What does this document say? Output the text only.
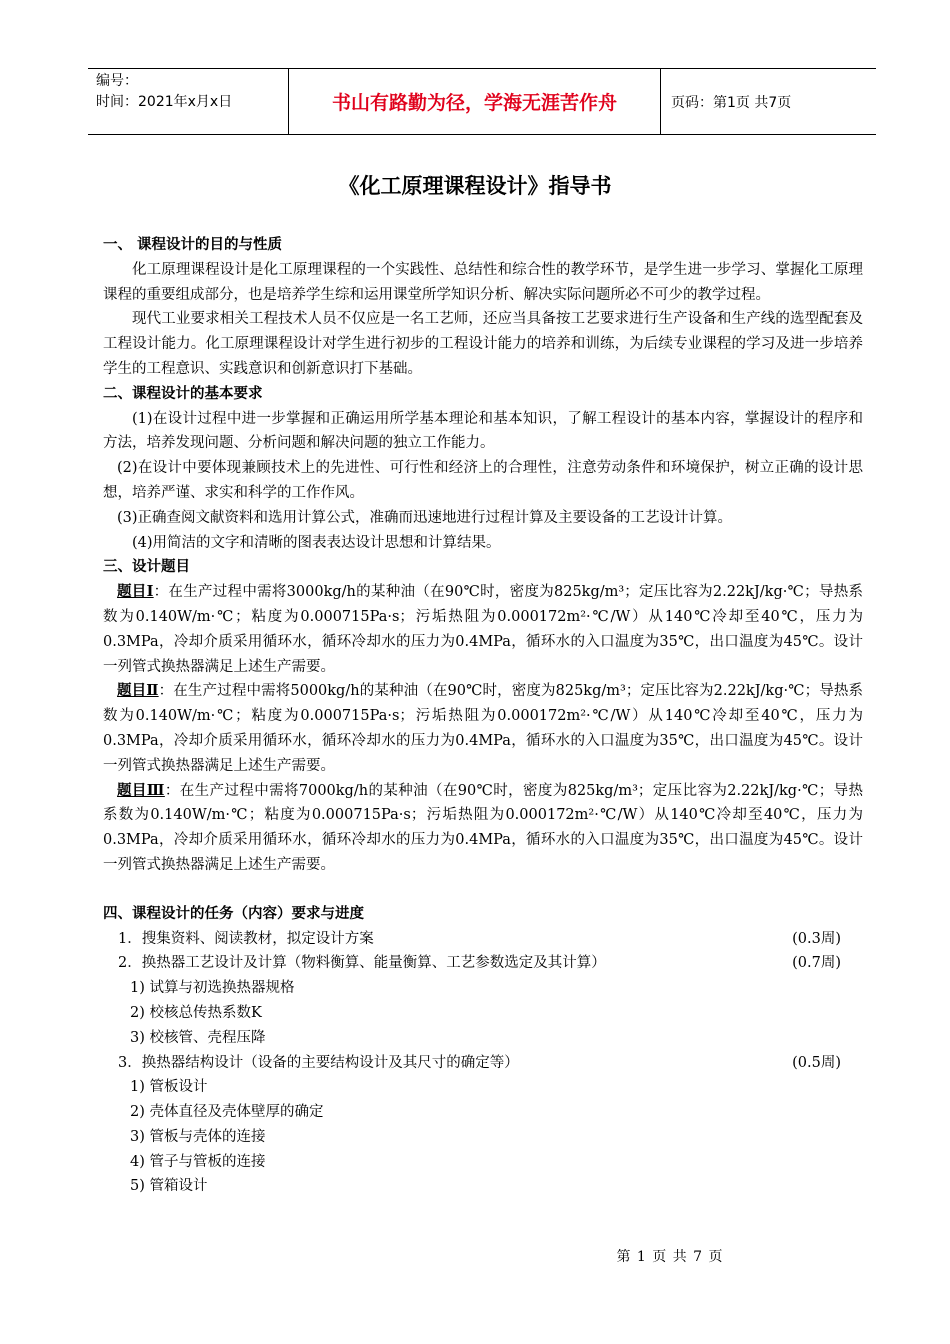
编号：
时间：2021年x月x日	书山有路勤为径，学海无涯苦作舟	页码：第1页 共7页
《化工原理课程设计》指导书
一、 课程设计的目的与性质

化工原理课程设计是化工原理课程的一个实践性、总结性和综合性的教学环节，是学生进一步学习、掌握化工原理课程的重要组成部分，也是培养学生综和运用课堂所学知识分析、解决实际问题所必不可少的教学过程。

现代工业要求相关工程技术人员不仅应是一名工艺师，还应当具备按工艺要求进行生产设备和生产线的选型配套及工程设计能力。化工原理课程设计对学生进行初步的工程设计能力的培养和训练，为后续专业课程的学习及进一步培养学生的工程意识、实践意识和创新意识打下基础。

二、课程设计的基本要求

(1)在设计过程中进一步掌握和正确运用所学基本理论和基本知识，了解工程设计的基本内容，掌握设计的程序和方法，培养发现问题、分析问题和解决问题的独立工作能力。

(2)在设计中要体现兼顾技术上的先进性、可行性和经济上的合理性，注意劳动条件和环境保护，树立正确的设计思想，培养严谨、求实和科学的工作作风。

(3)正确查阅文献资料和选用计算公式，准确而迅速地进行过程计算及主要设备的工艺设计计算。

(4)用简洁的文字和清晰的图表表达设计思想和计算结果。

三、设计题目

题目Ⅰ：在生产过程中需将3000kg/h的某种油（在90℃时，密度为825kg/m³；定压比容为2.22kJ/kg·℃；导热系数为0.140W/m·℃；粘度为0.000715Pa·s；污垢热阻为0.000172m²·℃/W）从140℃冷却至40℃，压力为0.3MPa，冷却介质采用循环水，循环冷却水的压力为0.4MPa，循环水的入口温度为35℃，出口温度为45℃。设计一列管式换热器满足上述生产需要。

题目Ⅱ：在生产过程中需将5000kg/h的某种油（在90℃时，密度为825kg/m³；定压比容为2.22kJ/kg·℃；导热系数为0.140W/m·℃；粘度为0.000715Pa·s；污垢热阻为0.000172m²·℃/W）从140℃冷却至40℃，压力为0.3MPa，冷却介质采用循环水，循环冷却水的压力为0.4MPa，循环水的入口温度为35℃，出口温度为45℃。设计一列管式换热器满足上述生产需要。

题目Ⅲ：在生产过程中需将7000kg/h的某种油（在90℃时，密度为825kg/m³；定压比容为2.22kJ/kg·℃；导热系数为0.140W/m·℃；粘度为0.000715Pa·s；污垢热阻为0.000172m²·℃/W）从140℃冷却至40℃，压力为0.3MPa，冷却介质采用循环水，循环冷却水的压力为0.4MPa，循环水的入口温度为35℃，出口温度为45℃。设计一列管式换热器满足上述生产需要。

四、课程设计的任务（内容）要求与进度
1．搜集资料、阅读教材，拟定设计方案	(0.3周)
2．换热器工艺设计及计算（物料衡算、能量衡算、工艺参数选定及其计算）	(0.7周)
1) 试算与初选换热器规格
2) 校核总传热系数K
3) 校核管、壳程压降
3．换热器结构设计（设备的主要结构设计及其尺寸的确定等）	(0.5周)
1) 管板设计
2) 壳体直径及壳体壁厚的确定
3) 管板与壳体的连接
4) 管子与管板的连接
5) 管箱设计
第 1 页 共 7 页
